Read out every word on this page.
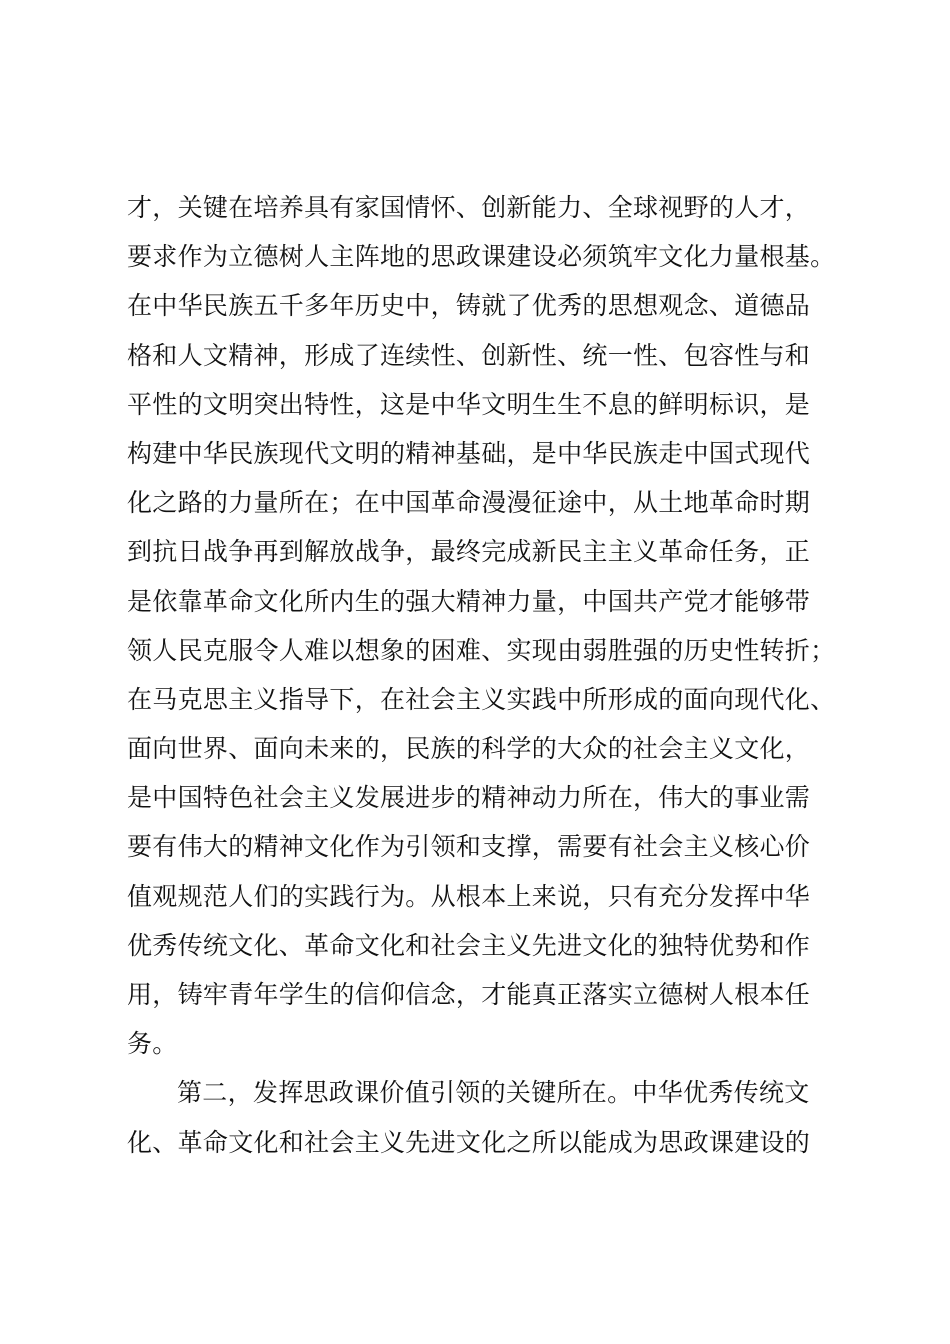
才，关键在培养具有家国情怀、创新能力、全球视野的人才，
要求作为立德树人主阵地的思政课建设必须筑牢文化力量根基。
在中华民族五千多年历史中，铸就了优秀的思想观念、道德品
格和人文精神，形成了连续性、创新性、统一性、包容性与和
平性的文明突出特性，这是中华文明生生不息的鲜明标识，是
构建中华民族现代文明的精神基础，是中华民族走中国式现代
化之路的力量所在；在中国革命漫漫征途中，从土地革命时期
到抗日战争再到解放战争，最终完成新民主主义革命任务，正
是依靠革命文化所内生的强大精神力量，中国共产党才能够带
领人民克服令人难以想象的困难、实现由弱胜强的历史性转折；
在马克思主义指导下，在社会主义实践中所形成的面向现代化、
面向世界、面向未来的，民族的科学的大众的社会主义文化，
是中国特色社会主义发展进步的精神动力所在，伟大的事业需
要有伟大的精神文化作为引领和支撑，需要有社会主义核心价
值观规范人们的实践行为。从根本上来说，只有充分发挥中华
优秀传统文化、革命文化和社会主义先进文化的独特优势和作
用，铸牢青年学生的信仰信念，才能真正落实立德树人根本任
务。
第二，发挥思政课价值引领的关键所在。中华优秀传统文
化、革命文化和社会主义先进文化之所以能成为思政课建设的
